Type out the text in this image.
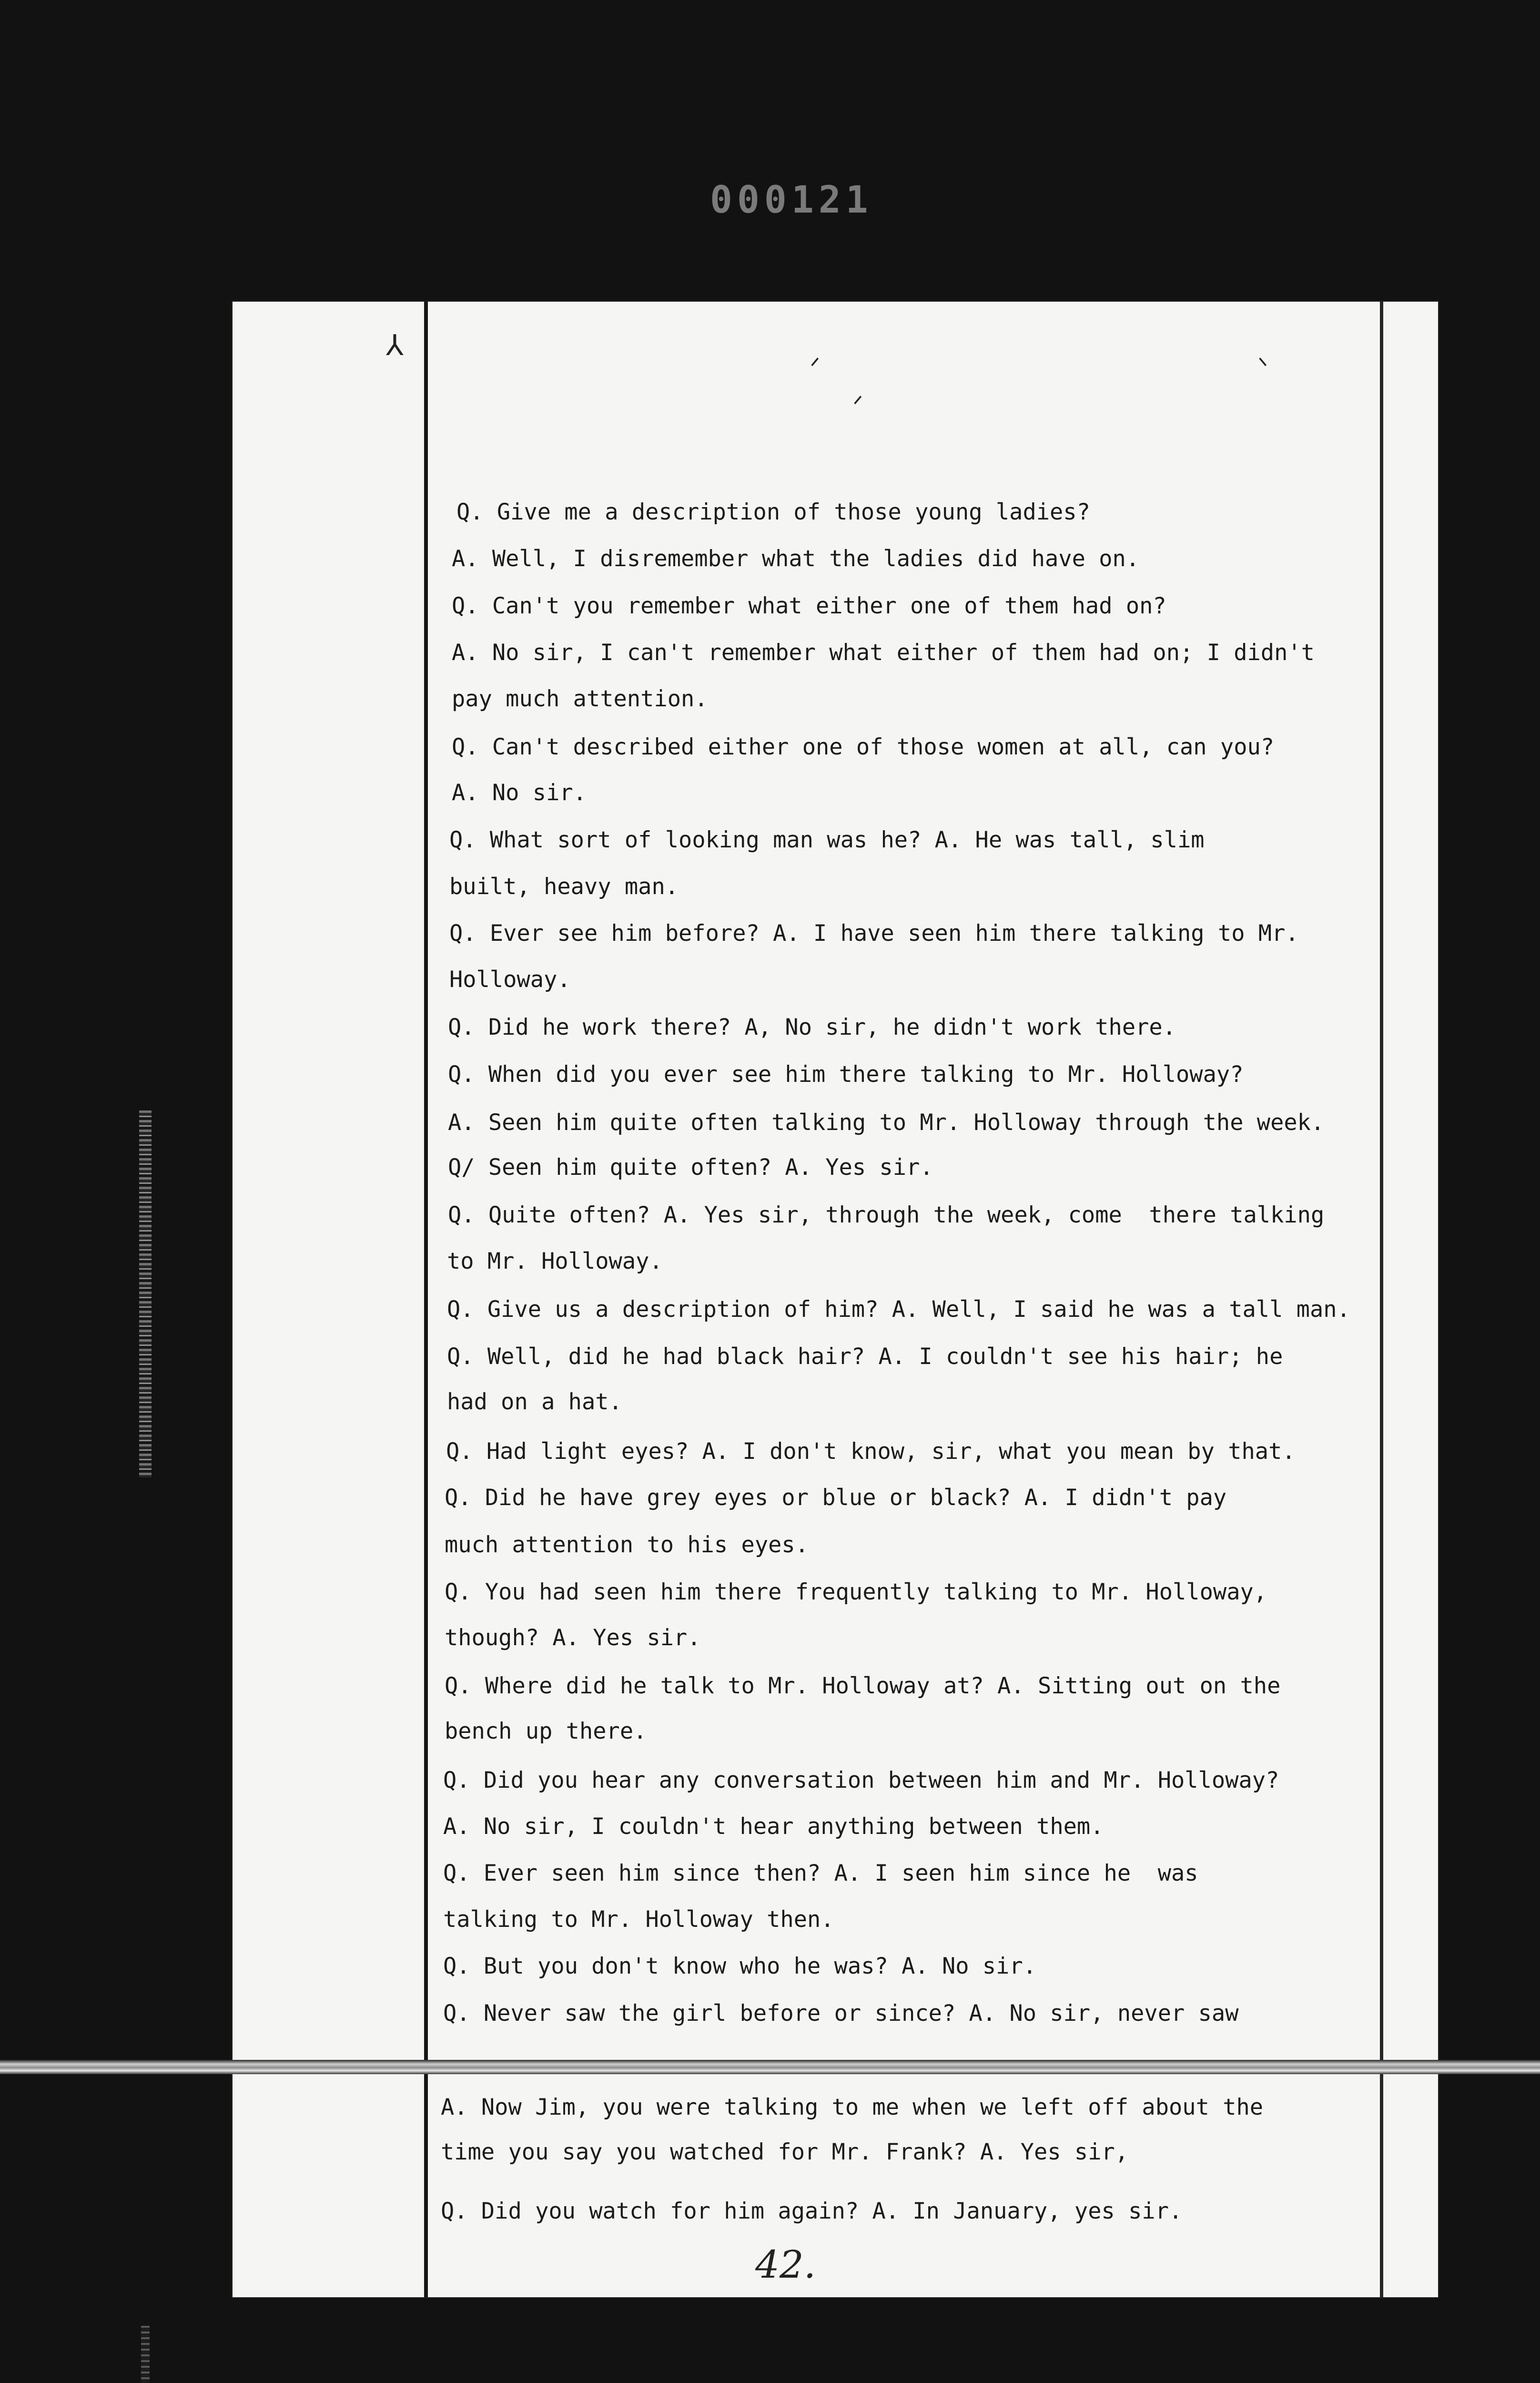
000121
⅄
ᐟ
ᐟ
ᐠ

Q. Give me a description of those young ladies?

A. Well, I disremember what the ladies did have on.

Q. Can't you remember what either one of them had on?

A. No sir, I can't remember what either of them had on; I didn't

pay much attention.

Q. Can't described either one of those women at all, can you?

A. No sir.

Q. What sort of looking man was he? A. He was tall, slim

built, heavy man.

Q. Ever see him before? A. I have seen him there talking to Mr.

Holloway.

Q. Did he work there? A, No sir, he didn't work there.

Q. When did you ever see him there talking to Mr. Holloway?

A. Seen him quite often talking to Mr. Holloway through the week.

Q/ Seen him quite often? A. Yes sir.

Q. Quite often? A. Yes sir, through the week, come  there talking

to Mr. Holloway.

Q. Give us a description of him? A. Well, I said he was a tall man.

Q. Well, did he had black hair? A. I couldn't see his hair; he

had on a hat.

Q. Had light eyes? A. I don't know, sir, what you mean by that.

Q. Did he have grey eyes or blue or black? A. I didn't pay

much attention to his eyes.

Q. You had seen him there frequently talking to Mr. Holloway,

though? A. Yes sir.

Q. Where did he talk to Mr. Holloway at? A. Sitting out on the

bench up there.

Q. Did you hear any conversation between him and Mr. Holloway?

A. No sir, I couldn't hear anything between them.

Q. Ever seen him since then? A. I seen him since he  was

talking to Mr. Holloway then.

Q. But you don't know who he was? A. No sir.

Q. Never saw the girl before or since? A. No sir, never saw

A. Now Jim, you were talking to me when we left off about the

time you say you watched for Mr. Frank? A. Yes sir,

Q. Did you watch for him again? A. In January, yes sir.

42.
